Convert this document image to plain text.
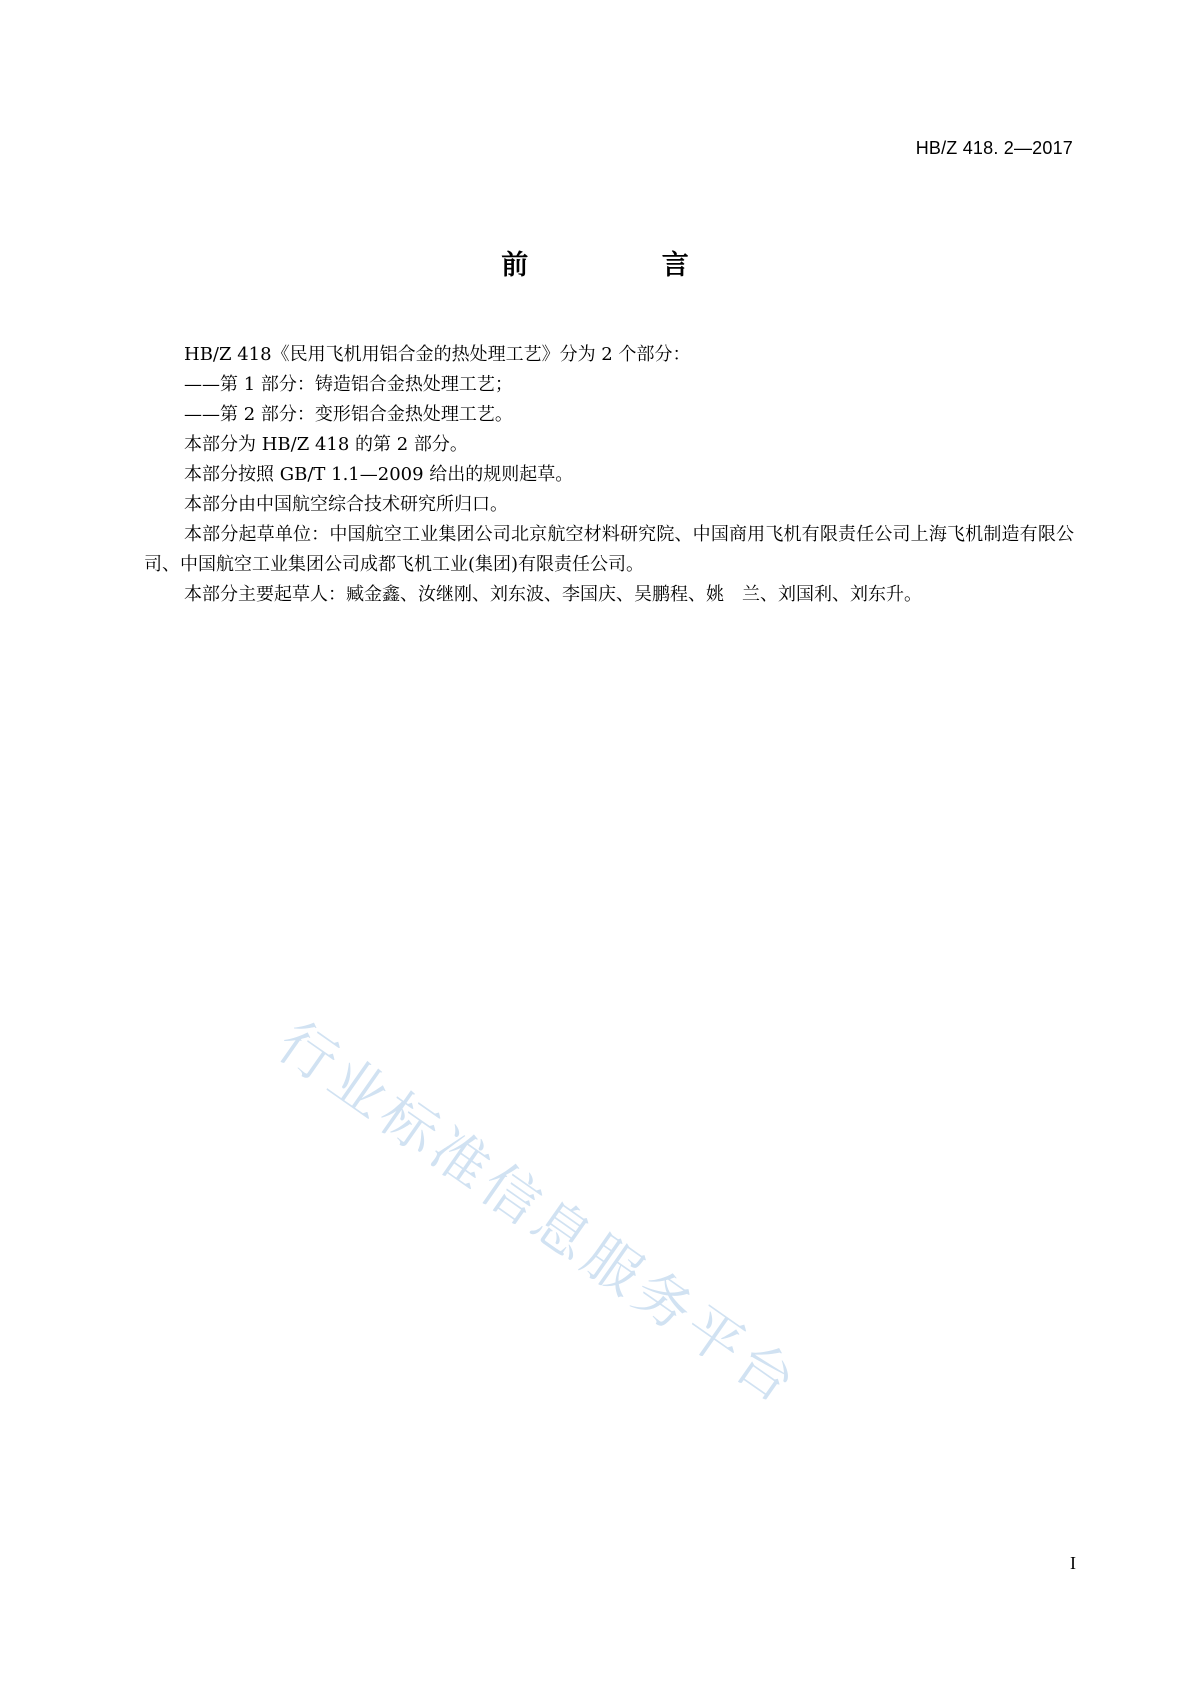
HB/Z 418. 2—2017
前 言
HB/Z 418《民用飞机用铝合金的热处理工艺》分为 2 个部分：
——第 1 部分：铸造铝合金热处理工艺；
——第 2 部分：变形铝合金热处理工艺。
本部分为 HB/Z 418 的第 2 部分。
本部分按照 GB/T 1.1—2009 给出的规则起草。
本部分由中国航空综合技术研究所归口。
本部分起草单位：中国航空工业集团公司北京航空材料研究院、中国商用飞机有限责任公司上海飞机制造有限公司、中国航空工业集团公司成都飞机工业(集团)有限责任公司。
本部分主要起草人：臧金鑫、汝继刚、刘东波、李国庆、吴鹏程、姚　兰、刘国利、刘东升。
行业标准信息服务平台
I
